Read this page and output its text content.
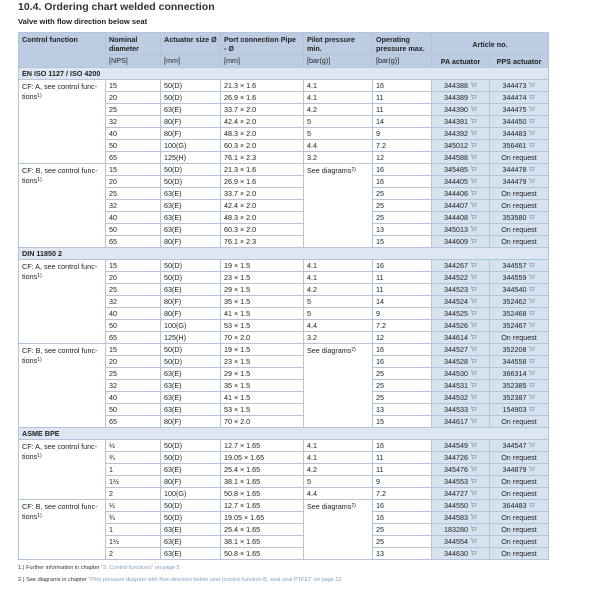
10.4. Ordering chart welded connection
Valve with flow direction below seat
Control function	Nominal diameter	Actuator size Ø	Port connection Pipe - Ø	Pilot pressure min.	Operating pressure max.	Article no.	
	[NPS]	[mm]	[mm]	[bar(g)]	[bar(g)]	PA actuator	PPS actuator
EN ISO 1127 / ISO 4200							
CF: A, see control func-tions$^{1)}$	15	50(D)	21.3 × 1.6	4.1	16	344388	344473
	20	50(D)	26.9 × 1.6	4.1	11	344389	344474
	25	63(E)	33.7 × 2.0	4.2	11	344390	344475
	32	80(F)	42.4 × 2.0	5	14	344391	344450
	40	80(F)	48.3 × 2.0	5	9	344392	344483
	50	100(G)	60.3 × 2.0	4.4	7.2	345012	356461
	65	125(H)	76.1 × 2.3	3.2	12	344588	On request
CF: B, see control func-tions$^{1)}$	15	50(D)	21.3 × 1.6	See diagrams$^{2)}$	16	345485	344478
	20	50(D)	26.9 × 1.6		16	344405	344479
	25	63(E)	33.7 × 2.0		25	344406	On request
	32	63(E)	42.4 × 2.0		25	344407	On request
	40	63(E)	48.3 × 2.0		25	344408	353580
	50	63(E)	60.3 × 2.0		13	345013	On request
	65	80(F)	76.1 × 2.3		15	344609	On request
DIN 11850 2							
CF: A, see control func-tions$^{1)}$	15	50(D)	19 × 1.5	4.1	16	344267	344557
	20	50(D)	23 × 1.5	4.1	11	344522	344559
	25	63(E)	29 × 1.5	4.2	11	344523	344540
	32	80(F)	35 × 1.5	5	14	344524	352462
	40	80(F)	41 × 1.5	5	9	344525	352468
	50	100(G)	53 × 1.5	4.4	7.2	344526	352467
	65	125(H)	70 × 2.0	3.2	12	344614	On request
CF: B, see control func-tions$^{1)}$	15	50(D)	19 × 1.5	See diagrams$^{2)}$	16	344527	352208
	20	50(D)	23 × 1.5		16	344528	344558
	25	63(E)	29 × 1.5		25	344530	366314
	32	63(E)	35 × 1.5		25	344531	352385
	40	63(E)	41 × 1.5		25	344532	352387
	50	63(E)	53 × 1.5		13	344533	154903
	65	80(F)	70 × 2.0		15	344617	On request
ASME BPE							
CF: A, see control func-tions$^{1)}$	½	50(D)	12.7 × 1.65	4.1	16	344549	344547
	¾	50(D)	19.05 × 1.65	4.1	11	344726	On request
	1	63(E)	25.4 × 1.65	4.2	11	345476	344879
	1½	80(F)	38.1 × 1.65	5	9	344553	On request
	2	100(G)	50.8 × 1.65	4.4	7.2	344727	On request
CF: B, see control func-tions$^{1)}$	½	50(D)	12.7 × 1.65	See diagrams$^{2)}$	16	344550	364483
	¾	50(D)	19.05 × 1.65		16	344583	On request
	1	63(E)	25.4 × 1.65		25	183280	On request
	1½	63(E)	38.1 × 1.65		25	344554	On request
	2	63(E)	50.8 × 1.65		13	344630	On request
1.) Further information in chapter "3. Control functions" on page 5
2.) See diagrams in chapter "Pilot pressure diagram with flow direction below seat (control function B, seat seal PTFE)" on page 12
